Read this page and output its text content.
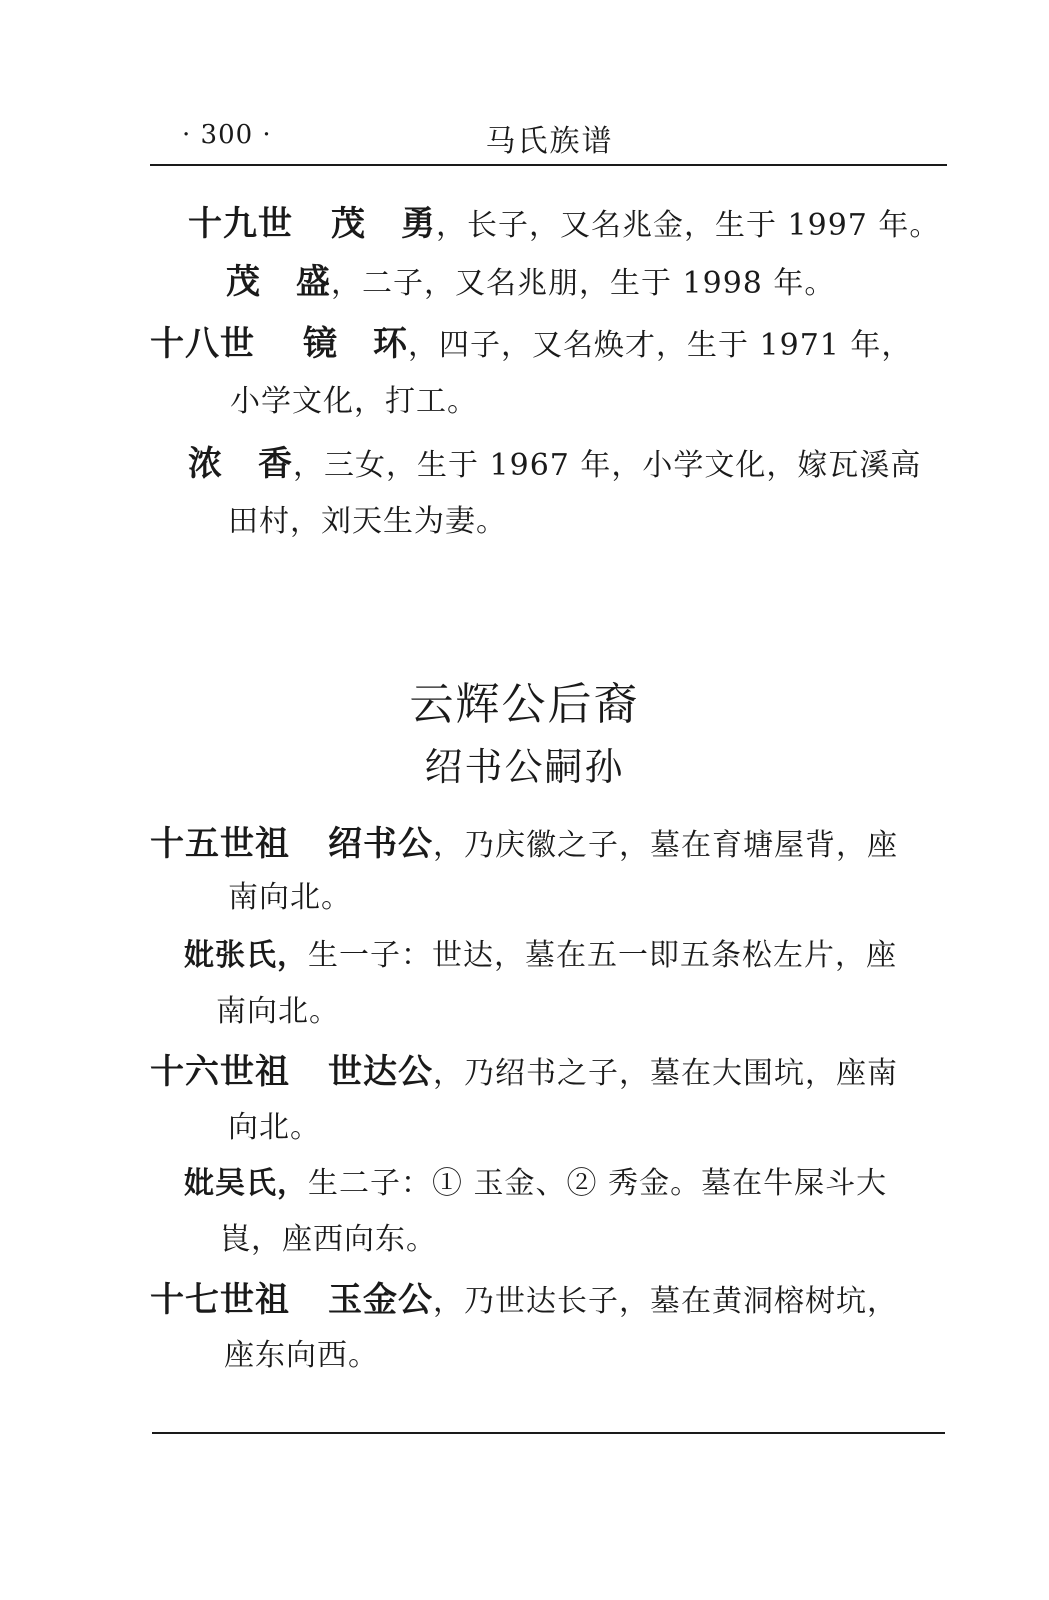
· 300 ·	马氏族谱
十九世 茂　勇，长子，又名兆金，生于 1997 年。
茂　盛，二子，又名兆朋，生于 1998 年。
十八世 镜　环，四子，又名焕才，生于 1971 年，
小学文化，打工。
浓　香，三女，生于 1967 年，小学文化，嫁瓦溪高
田村，刘天生为妻。
云辉公后裔
绍书公嗣孙
十五世祖 绍书公，乃庆徽之子，墓在育塘屋背，座
南向北。
妣张氏，生一子：世达，墓在五一即五条松左片，座
南向北。
十六世祖 世达公，乃绍书之子，墓在大围坑，座南
向北。
妣吴氏，生二子：① 玉金、② 秀金。墓在牛屎斗大
崀，座西向东。
十七世祖 玉金公，乃世达长子，墓在黄洞榕树坑，
座东向西。
